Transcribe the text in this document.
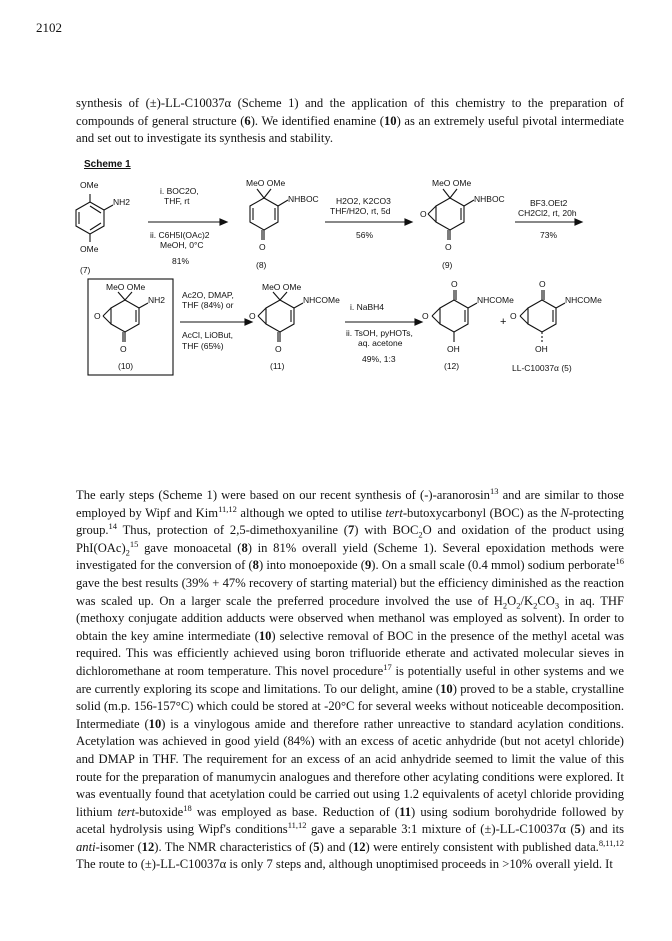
2102
synthesis of (±)-LL-C10037α (Scheme 1) and the application of this chemistry to the preparation of compounds of general structure (6). We identified enamine (10) as an extremely useful pivotal intermediate and set out to investigate its synthesis and stability.
Scheme 1
OMe
NH2
OMe
(7)
i. BOC2O,
THF, rt
ii. C6H5I(OAc)2
MeOH, 0°C
81%
MeO OMe
NHBOC
O
(8)
H2O2, K2CO3
THF/H2O, rt, 5d
56%
MeO OMe
NHBOC
O
O
(9)
BF3.OEt2
CH2Cl2, rt, 20h
73%
MeO OMe
NH2
O
O
(10)
Ac2O, DMAP,
THF (84%) or
AcCl, LiOBut,
THF (65%)
MeO OMe
NHCOMe
O
O
(11)
i. NaBH4
ii. TsOH, pyHOTs,
aq. acetone
49%, 1:3
O
NHCOMe
O
OH
(12)
+
O
NHCOMe
O
OH
LL-C10037α (5)
The early steps (Scheme 1) were based on our recent synthesis of (-)-aranorosin$^{13}$ and are similar to those employed by Wipf and Kim$^{11,12}$ although we opted to utilise tert-butoxycarbonyl (BOC) as the N-protecting group.$^{14}$ Thus, protection of 2,5-dimethoxyaniline (7) with $BOC_2O$ and oxidation of the product using $PhI(OAc)_2^{15}$ gave monoacetal (8) in 81% overall yield (Scheme 1). Several epoxidation methods were investigated for the conversion of (8) into monoepoxide (9). On a small scale (0.4 mmol) sodium perborate$^{16}$ gave the best results (39% + 47% recovery of starting material) but the efficiency diminished as the reaction was scaled up. On a larger scale the preferred procedure involved the use of $H_2O_2/K_2CO_3$ in aq. THF (methoxy conjugate addition adducts were observed when methanol was employed as solvent). In order to obtain the key amine intermediate (10) selective removal of BOC in the presence of the methyl acetal was required. This was efficiently achieved using boron trifluoride etherate and activated molecular sieves in dichloromethane at room temperature. This novel procedure$^{17}$ is potentially useful in other systems and we are currently exploring its scope and limitations. To our delight, amine (10) proved to be a stable, crystalline solid (m.p. 156-157°C) which could be stored at -20°C for several weeks without noticeable decomposition. Intermediate (10) is a vinylogous amide and therefore rather unreactive to standard acylation conditions. Acetylation was achieved in good yield (84%) with an excess of acetic anhydride (but not acetyl chloride) and DMAP in THF. The requirement for an excess of an acid anhydride seemed to limit the value of this route for the preparation of manumycin analogues and therefore other acylating conditions were explored. It was eventually found that acetylation could be carried out using 1.2 equivalents of acetyl chloride providing lithium tert-butoxide$^{18}$ was employed as base. Reduction of (11) using sodium borohydride followed by acetal hydrolysis using Wipf's conditions$^{11,12}$ gave a separable 3:1 mixture of (±)-LL-C10037α (5) and its anti-isomer (12). The NMR characteristics of (5) and (12) were entirely consistent with published data.$^{8,11,12}$ The route to (±)-LL-C10037α is only 7 steps and, although unoptimised proceeds in >10% overall yield. It
